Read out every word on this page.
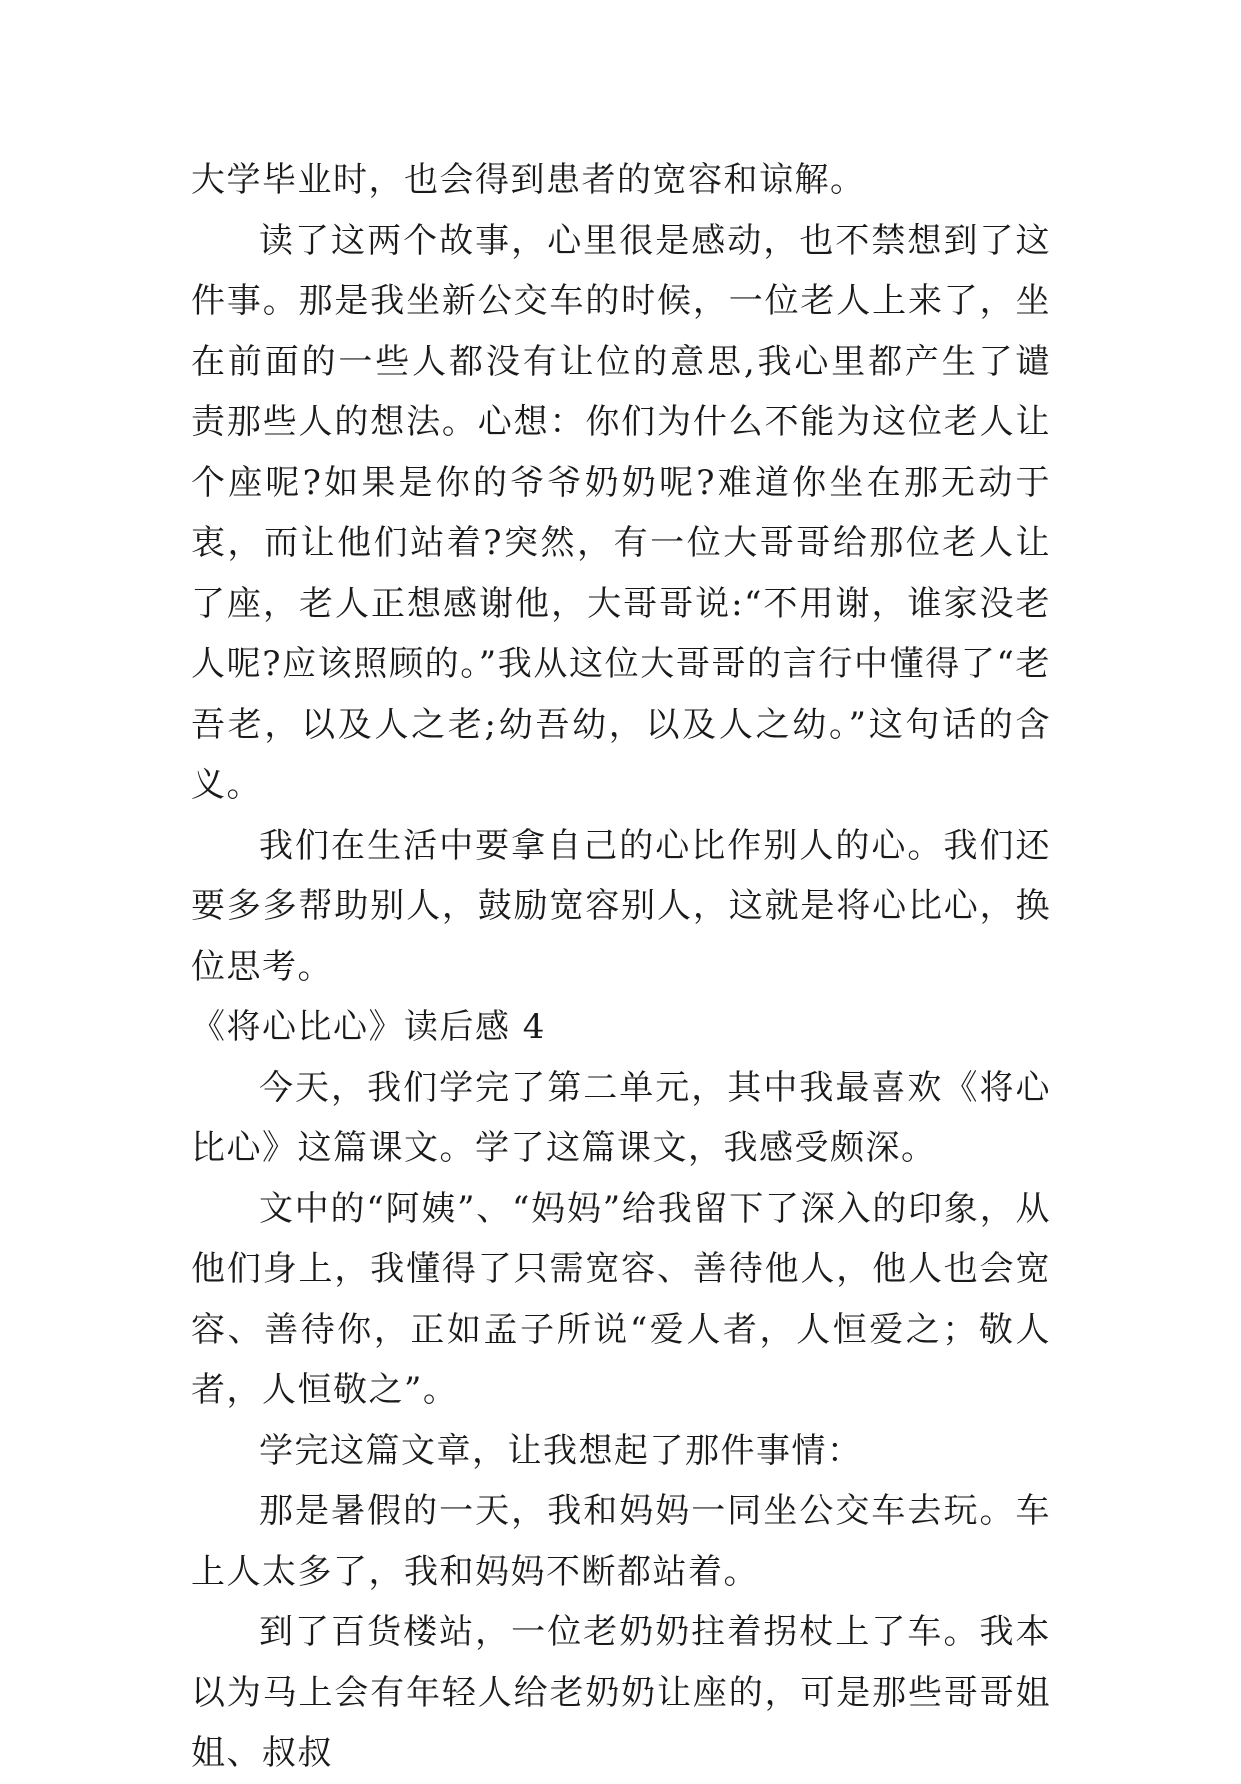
大学毕业时，也会得到患者的宽容和谅解。

读了这两个故事，心里很是感动，也不禁想到了这件事。那是我坐新公交车的时候，一位老人上来了，坐在前面的一些人都没有让位的意思,我心里都产生了谴责那些人的想法。心想：你们为什么不能为这位老人让个座呢?如果是你的爷爷奶奶呢?难道你坐在那无动于衷，而让他们站着?突然，有一位大哥哥给那位老人让了座，老人正想感谢他，大哥哥说:“不用谢，谁家没老人呢?应该照顾的。”我从这位大哥哥的言行中懂得了“老吾老，以及人之老;幼吾幼，以及人之幼。”这句话的含义。

我们在生活中要拿自己的心比作别人的心。我们还要多多帮助别人，鼓励宽容别人，这就是将心比心，换位思考。

《将心比心》读后感 4

今天，我们学完了第二单元，其中我最喜欢《将心比心》这篇课文。学了这篇课文，我感受颇深。

文中的“阿姨”、“妈妈”给我留下了深入的印象，从他们身上，我懂得了只需宽容、善待他人，他人也会宽容、善待你，正如孟子所说“爱人者，人恒爱之；敬人者，人恒敬之”。

学完这篇文章，让我想起了那件事情：

那是暑假的一天，我和妈妈一同坐公交车去玩。车上人太多了，我和妈妈不断都站着。

到了百货楼站，一位老奶奶拄着拐杖上了车。我本以为马上会有年轻人给老奶奶让座的，可是那些哥哥姐姐、叔叔
